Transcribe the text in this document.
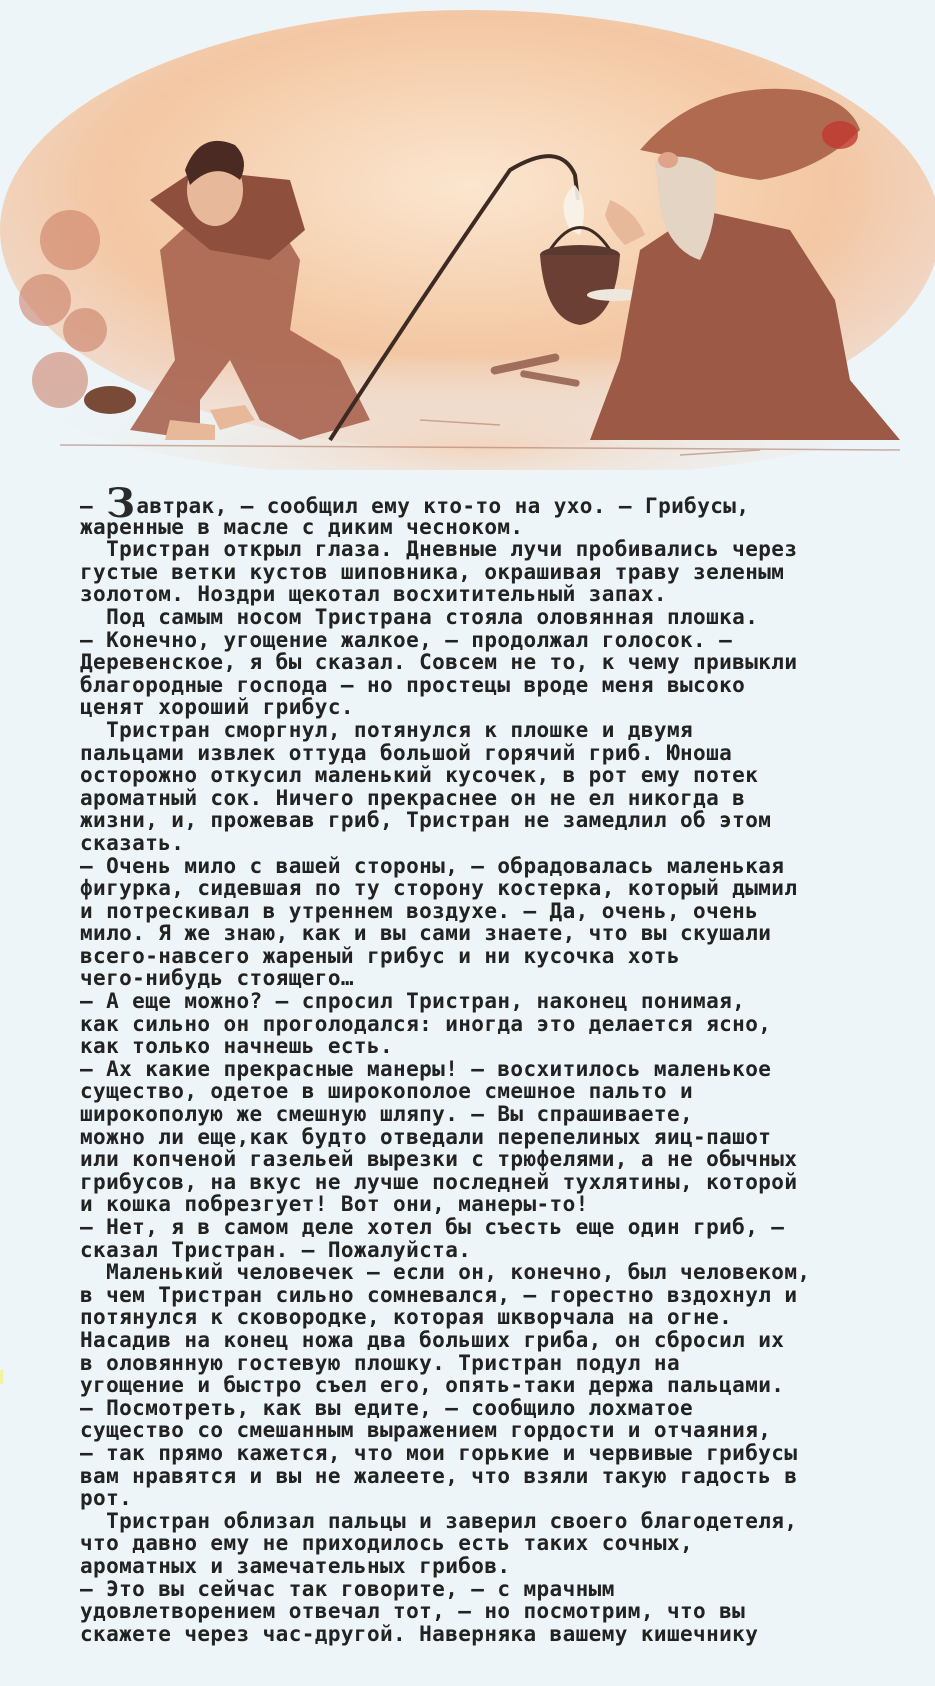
— Завтрак, — сообщил ему кто-то на ухо. — Грибусы,
жаренные в масле с диким чесноком.
Тристран открыл глаза. Дневные лучи пробивались через
густые ветки кустов шиповника, окрашивая траву зеленым
золотом. Ноздри щекотал восхитительный запах.
Под самым носом Тристрана стояла оловянная плошка.
— Конечно, угощение жалкое, — продолжал голосок. —
Деревенское, я бы сказал. Совсем не то, к чему привыкли
благородные господа — но простецы вроде меня высоко
ценят хороший грибус.
Тристран сморгнул, потянулся к плошке и двумя
пальцами извлек оттуда большой горячий гриб. Юноша
осторожно откусил маленький кусочек, в рот ему потек
ароматный сок. Ничего прекраснее он не ел никогда в
жизни, и, прожевав гриб, Тристран не замедлил об этом
сказать.
— Очень мило с вашей стороны, — обрадовалась маленькая
фигурка, сидевшая по ту сторону костерка, который дымил
и потрескивал в утреннем воздухе. — Да, очень, очень
мило. Я же знаю, как и вы сами знаете, что вы скушали
всего-навсего жареный грибус и ни кусочка хоть
чего-нибудь стоящего…
— А еще можно? — спросил Тристран, наконец понимая,
как сильно он проголодался: иногда это делается ясно,
как только начнешь есть.
— Ах какие прекрасные манеры! — восхитилось маленькое
существо, одетое в широкополое смешное пальто и
широкополую же смешную шляпу. — Вы спрашиваете,
можно ли еще,как будто отведали перепелиных яиц-пашот
или копченой газельей вырезки с трюфелями, а не обычных
грибусов, на вкус не лучше последней тухлятины, которой
и кошка побрезгует! Вот они, манеры-то!
— Нет, я в самом деле хотел бы съесть еще один гриб, —
сказал Тристран. — Пожалуйста.
Маленький человечек — если он, конечно, был человеком,
в чем Тристран сильно сомневался, — горестно вздохнул и
потянулся к сковородке, которая шкворчала на огне.
Насадив на конец ножа два больших гриба, он сбросил их
в оловянную гостевую плошку. Тристран подул на
угощение и быстро съел его, опять-таки держа пальцами.
— Посмотреть, как вы едите, — сообщило лохматое
существо со смешанным выражением гордости и отчаяния,
— так прямо кажется, что мои горькие и червивые грибусы
вам нравятся и вы не жалеете, что взяли такую гадость в
рот.
Тристран облизал пальцы и заверил своего благодетеля,
что давно ему не приходилось есть таких сочных,
ароматных и замечательных грибов.
— Это вы сейчас так говорите, — с мрачным
удовлетворением отвечал тот, — но посмотрим, что вы
скажете через час-другой. Наверняка вашему кишечнику
